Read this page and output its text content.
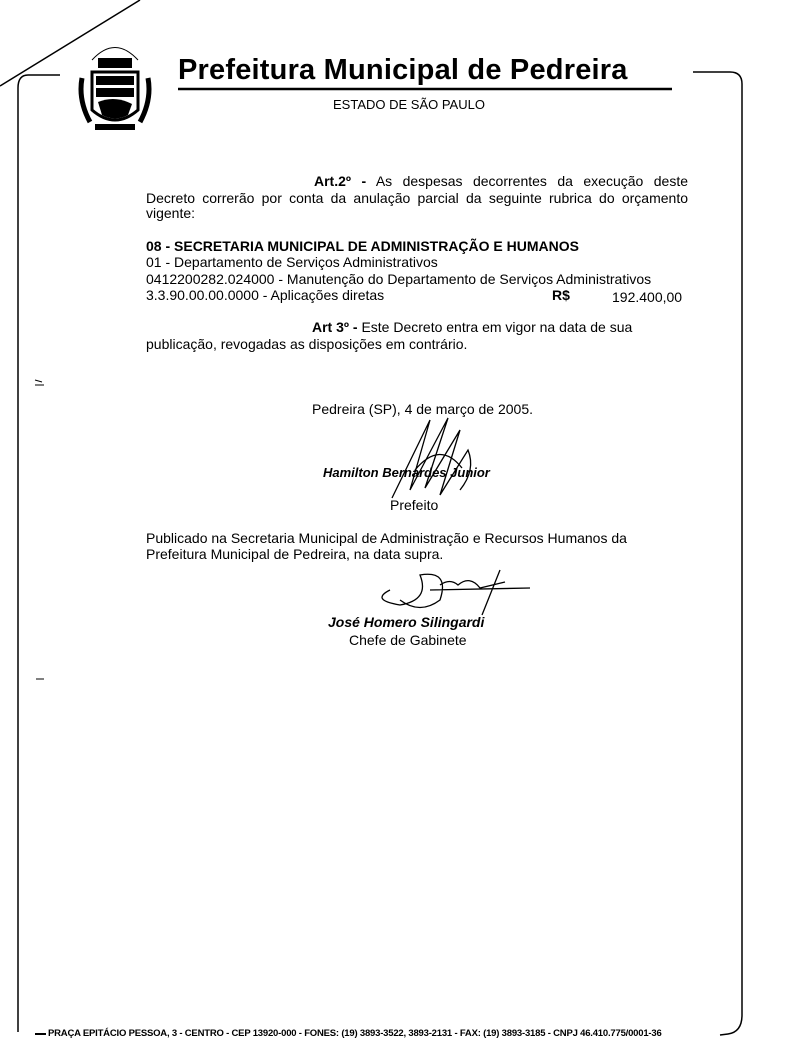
Prefeitura Municipal de Pedreira
ESTADO DE SÃO PAULO
Art.2º - As despesas decorrentes da execução deste
Decreto correrão por conta da anulação parcial da seguinte rubrica do orçamento
vigente:
08 - SECRETARIA MUNICIPAL DE ADMINISTRAÇÃO E HUMANOS
01 - Departamento de Serviços Administrativos
0412200282.024000 - Manutenção do Departamento de Serviços Administrativos
3.3.90.00.00.0000 - Aplicações diretas	R$	192.400,00
Art 3º - Este Decreto entra em vigor na data de sua
publicação, revogadas as disposições em contrário.
Pedreira (SP), 4 de março de 2005.
Hamilton Bernardes Junior
Prefeito
Publicado na Secretaria Municipal de Administração e Recursos Humanos da
Prefeitura Municipal de Pedreira, na data supra.
José Homero Silingardi
Chefe de Gabinete
PRAÇA EPITÁCIO PESSOA, 3 - CENTRO - CEP 13920-000 - FONES: (19) 3893-3522, 3893-2131 - FAX: (19) 3893-3185 - CNPJ 46.410.775/0001-36
